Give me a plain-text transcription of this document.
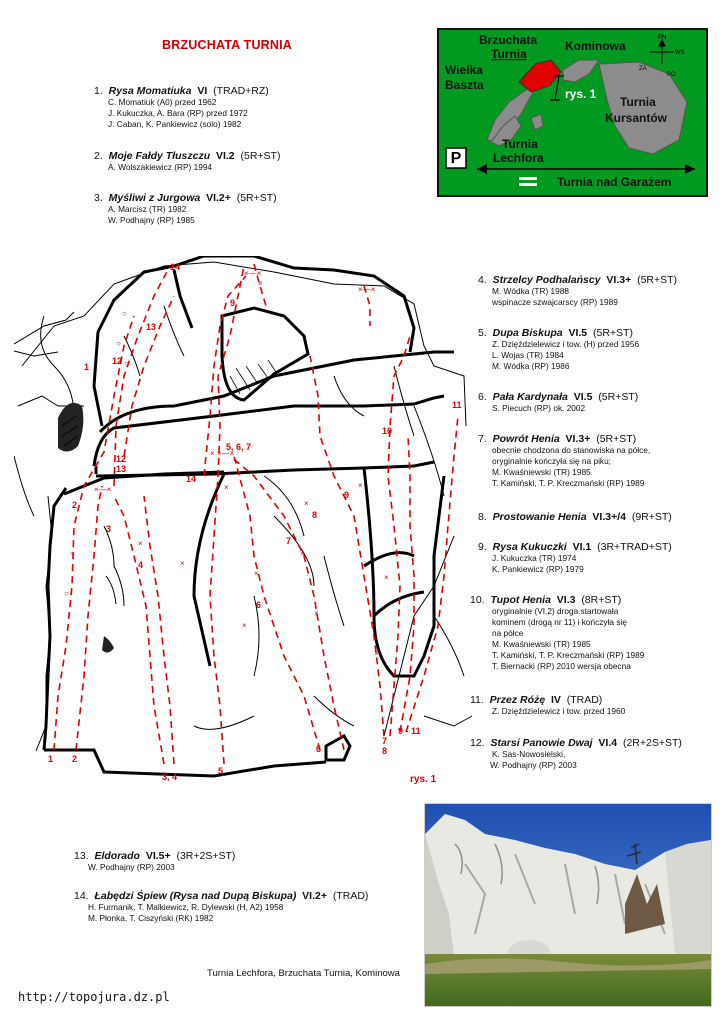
BRZUCHATA TURNIA
1. Rysa Momatiuka VI (TRAD+RZ)
C. Momatiuk (A0) przed 1962
J. Kukuczka, A. Bara (RP) przed 1972
J. Caban, K. Pankiewicz (solo) 1982
2. Moje Fałdy Tłuszczu VI.2 (5R+ST)
A. Wolszakiewicz (RP) 1994
3. Myśliwi z Jurgowa VI.2+ (5R+ST)
A. Marcisz (TR) 1982
W. Podhajny (RP) 1985
P
PN
WS
ZA
PO
Brzuchata
Turnia
Kominowa
Wielka
Baszta
rys. 1
Turnia
Kursantów
Turnia
Lechfora
Turnia nad Garażem
×—×
×
×—×
× ×—×
×—×	×
×
×
×
×
×
×
×
×
×
×
○
○
○
○
○
1 2
3, 4
5
6
7
8
9 - 11
10
11
12
13
14
12
13
14
5, 6, 7
9
9
8
7
6
4
3
2
1
rys. 1
4. Strzelcy Podhalańscy VI.3+ (5R+ST)
M. Wódka (TR) 1988
wspinacze szwajcarscy (RP) 1989
5. Dupa Biskupa VI.5 (5R+ST)
Z. Dzięździelewicz i tow. (H) przed 1956
L. Wojas (TR) 1984
M. Wódka (RP) 1986
6. Pała Kardynała VI.5 (5R+ST)
S. Piecuch (RP) ok. 2002
7. Powrót Henia VI.3+ (5R+ST)
obecnie chodzona do stanowiska na półce,
oryginalnie kończyła się na piku;
M. Kwaśniewski (TR) 1985
T. Kamiński, T. P. Kreczmański (RP) 1989
8. Prostowanie Henia VI.3+/4 (9R+ST)
9. Rysa Kukuczki VI.1 (3R+TRAD+ST)
J. Kukuczka (TR) 1974
K. Pankiewicz (RP) 1979
10. Tupot Henia VI.3 (8R+ST)
oryginalnie (VI.2) droga startowała
kominem (drogą nr 11) i kończyła się
na półce
M. Kwaśniewski (TR) 1985
T. Kamiński, T. P. Kreczmański (RP) 1989
T. Biernacki (RP) 2010 wersja obecna
11. Przez Różę IV (TRAD)
Z. Dzięździelewicz i tow. przed 1960
12. Starsi Panowie Dwaj VI.4 (2R+2S+ST)
K. Sas-Nowosielski,
W. Podhajny (RP) 2003
13. Eldorado VI.5+ (3R+2S+ST)
W. Podhajny (RP) 2003
14. Łabędzi Śpiew (Rysa nad Dupą Biskupa) VI.2+ (TRAD)
H. Furmanik, T. Malkiewicz, R. Dylewski (H, A2) 1958
M. Płonka, T. Ciszyński (RK) 1982
Turnia Lechfora, Brzuchata Turnia, Kominowa
http://topojura.dz.pl
